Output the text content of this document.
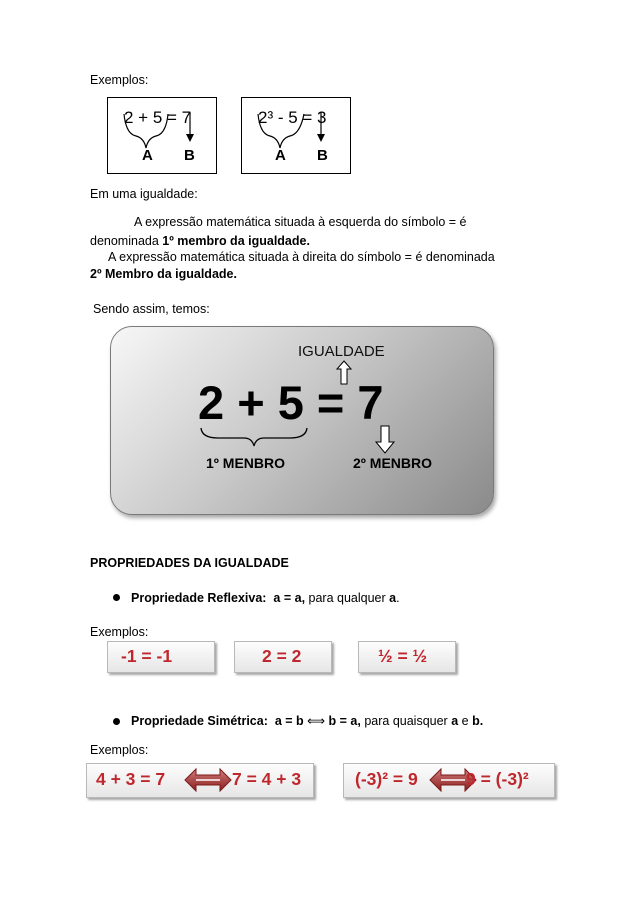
Exemplos:
2 + 5 = 7
A B
2³ - 5 = 3
A B
Em uma igualdade:
A expressão matemática situada à esquerda do símbolo = é
denominada 1º membro da igualdade.
A expressão matemática situada à direita do símbolo = é denominada
2º Membro da igualdade.
Sendo assim, temos:
IGUALDADE
2 + 5 = 7
1º MENBRO	2º MENBRO
PROPRIEDADES DA IGUALDADE
Propriedade Reflexiva: a = a, para qualquer a.
Exemplos:
-1 = -1	2 = 2	½ = ½
Propriedade Simétrica: a = b ⟺ b = a, para quaisquer a e b.
Exemplos:
4 + 3 = 7	7 = 4 + 3	(-3)² = 9	9 = (-3)²
